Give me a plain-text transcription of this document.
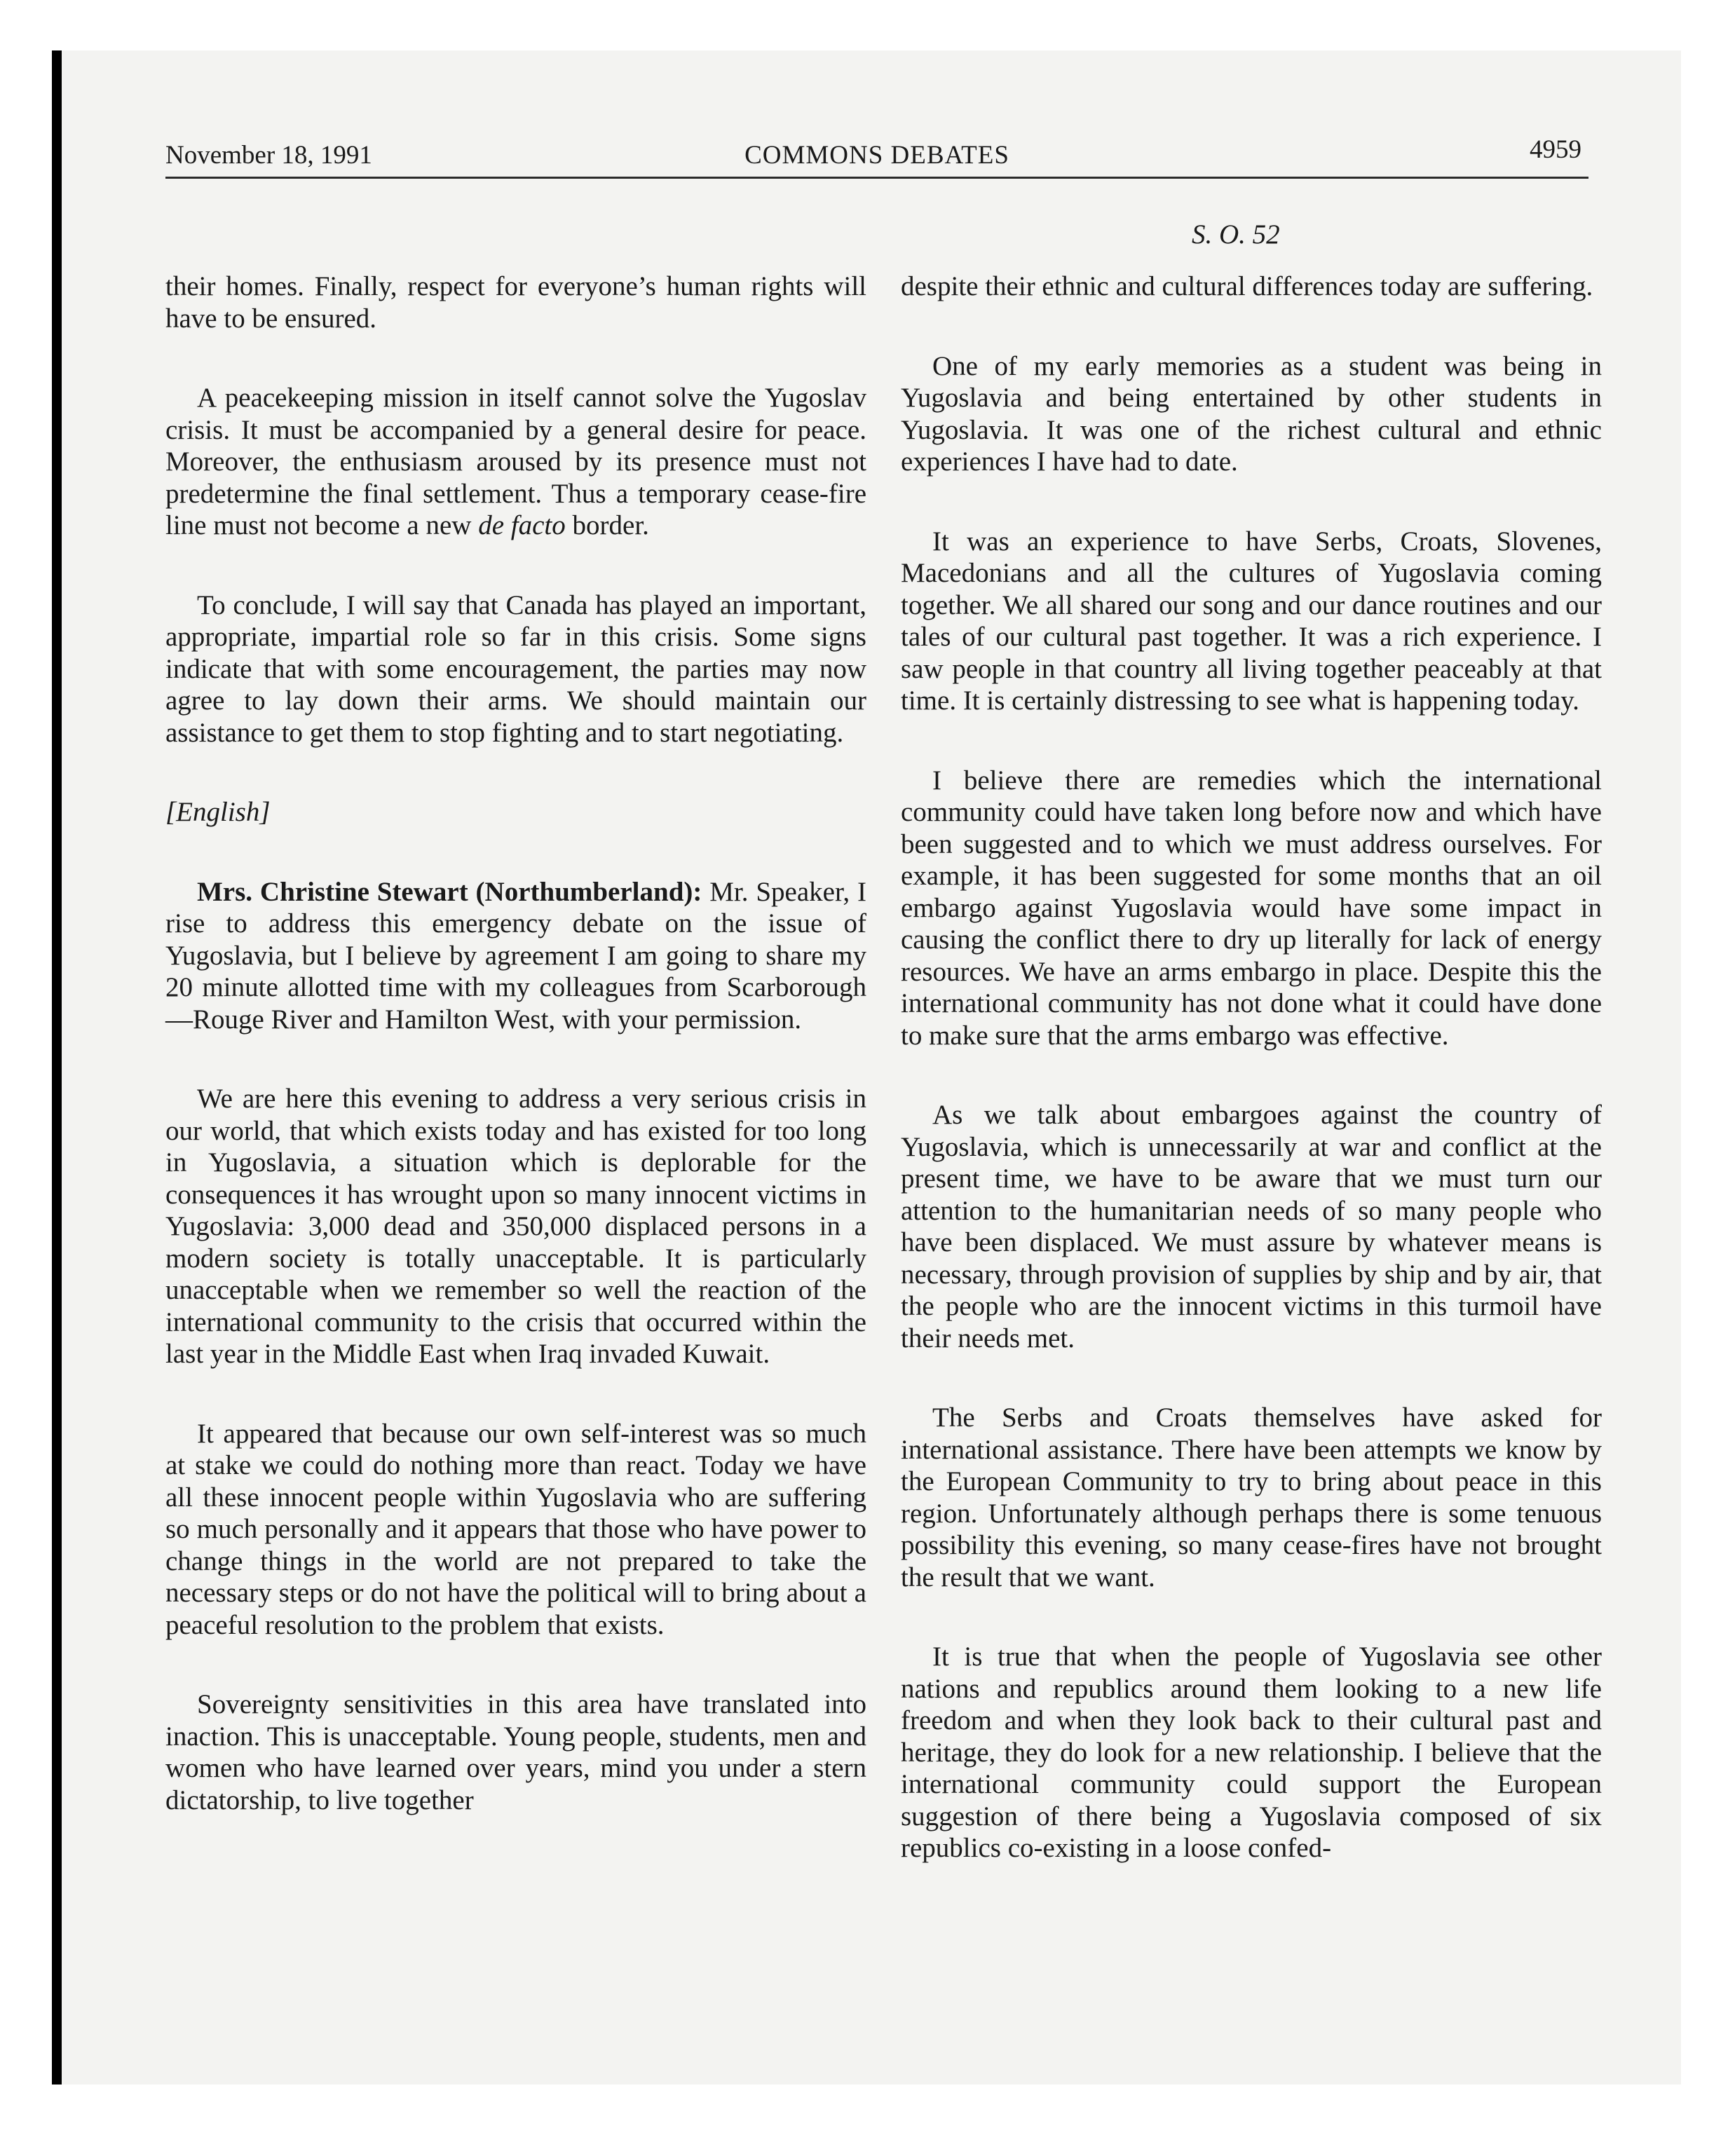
November 18, 1991	COMMONS DEBATES	4959
S. O. 52

their homes. Finally, respect for everyone’s human rights will have to be ensured.

A peacekeeping mission in itself cannot solve the Yugoslav crisis. It must be accompanied by a general desire for peace. Moreover, the enthusiasm aroused by its presence must not predetermine the final settlement. Thus a temporary cease-fire line must not become a new de facto border.

To conclude, I will say that Canada has played an important, appropriate, impartial role so far in this crisis. Some signs indicate that with some encouragement, the parties may now agree to lay down their arms. We should maintain our assistance to get them to stop fighting and to start negotiating.

[English]

Mrs. Christine Stewart (Northumberland): Mr. Speaker, I rise to address this emergency debate on the issue of Yugoslavia, but I believe by agreement I am going to share my 20 minute allotted time with my colleagues from Scarborough—Rouge River and Hamilton West, with your permission.

We are here this evening to address a very serious crisis in our world, that which exists today and has existed for too long in Yugoslavia, a situation which is deplorable for the consequences it has wrought upon so many innocent victims in Yugoslavia: 3,000 dead and 350,000 displaced persons in a modern society is totally unacceptable. It is particularly unacceptable when we remember so well the reaction of the international community to the crisis that occurred within the last year in the Middle East when Iraq invaded Kuwait.

It appeared that because our own self-interest was so much at stake we could do nothing more than react. Today we have all these innocent people within Yugoslavia who are suffering so much personally and it appears that those who have power to change things in the world are not prepared to take the necessary steps or do not have the political will to bring about a peaceful resolution to the problem that exists.

Sovereignty sensitivities in this area have translated into inaction. This is unacceptable. Young people, students, men and women who have learned over years, mind you under a stern dictatorship, to live together

despite their ethnic and cultural differences today are suffering.

One of my early memories as a student was being in Yugoslavia and being entertained by other students in Yugoslavia. It was one of the richest cultural and ethnic experiences I have had to date.

It was an experience to have Serbs, Croats, Slovenes, Macedonians and all the cultures of Yugoslavia coming together. We all shared our song and our dance routines and our tales of our cultural past together. It was a rich experience. I saw people in that country all living together peaceably at that time. It is certainly distressing to see what is happening today.

I believe there are remedies which the international community could have taken long before now and which have been suggested and to which we must address ourselves. For example, it has been suggested for some months that an oil embargo against Yugoslavia would have some impact in causing the conflict there to dry up literally for lack of energy resources. We have an arms embargo in place. Despite this the international community has not done what it could have done to make sure that the arms embargo was effective.

As we talk about embargoes against the country of Yugoslavia, which is unnecessarily at war and conflict at the present time, we have to be aware that we must turn our attention to the humanitarian needs of so many people who have been displaced. We must assure by whatever means is necessary, through provision of supplies by ship and by air, that the people who are the innocent victims in this turmoil have their needs met.

The Serbs and Croats themselves have asked for international assistance. There have been attempts we know by the European Community to try to bring about peace in this region. Unfortunately although perhaps there is some tenuous possibility this evening, so many cease-fires have not brought the result that we want.

It is true that when the people of Yugoslavia see other nations and republics around them looking to a new life freedom and when they look back to their cultural past and heritage, they do look for a new relationship. I believe that the international community could support the European suggestion of there being a Yugoslavia composed of six republics co-existing in a loose confed-
